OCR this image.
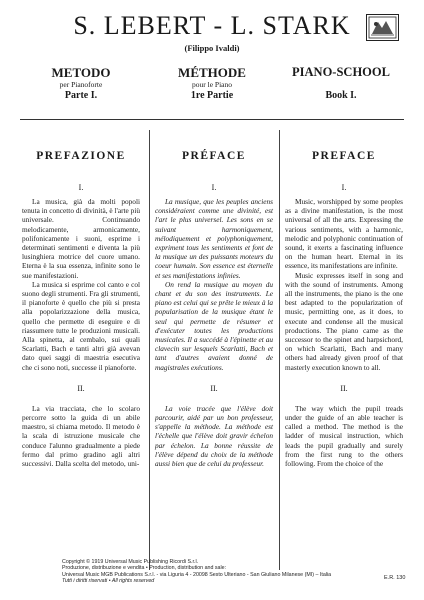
S. LEBERT - L. STARK
(Filippo Ivaldi)
METODO
per Pianoforte
Parte I.
MÉTHODE
pour le Piano
1re Partie
PIANO-SCHOOL
Book I.
PREFAZIONE
I.

La musica, già da molti popoli tenuta in concetto di divinità, è l'arte più universale. Continuando melodicamente, armonicamente, polifonicamente i suoni, esprime i determinati sentimenti e diventa la più lusinghiera motrice del cuore umano. Eterna è la sua essenza, infinite sono le sue manifestazioni.

La musica si esprime col canto e col suono degli strumenti. Fra gli strumenti, il pianoforte è quello che più si presta alla popolarizzazione della musica, quello che permette di eseguire e di riassumere tutte le produzioni musicali. Alla spinetta, al cembalo, sui quali Scarlatti, Bach e tanti altri già avevan dato quei saggi di maestria esecutiva che ci sono noti, successe il pianoforte.

II.

La via tracciata, che lo scolaro percorre sotto la guida di un abile maestro, si chiama metodo. Il metodo è la scala di istruzione musicale che conduce l'alunno gradualmente a piede fermo dal primo gradino agli altri successivi. Dalla scelta del metodo, uni-

PRÉFACE
I.

La musique, que les peuples anciens considéraient comme une divinité, est l'art le plus universel. Les sons en se suivant harmoniquement, mélodiquement et polyphoniquement, expriment tous les sentiments et font de la musique un des puissants moteurs du coeur humain. Son essence est éternelle et ses manifestations infinies.

On rend la musique au moyen du chant et du son des instruments. Le piano est celui qui se prête le mieux à la popularisation de la musique étant le seul qui permette de résumer et d'exécuter toutes les productions musicales. Il a succédé à l'épinette et au clavecin sur lesquels Scarlatti, Bach et tant d'autres avaient donné de magistrales exécutions.

II.

La voie tracée que l'élève doit parcourir, aidé par un bon professeur, s'appelle la méthode. La méthode est l'échelle que l'élève doit gravir échelon par échelon. La bonne réussite de l'élève dépend du choix de la méthode aussi bien que de celui du professeur.

PREFACE
I.

Music, worshipped by some peoples as a divine manifestation, is the most universal of all the arts. Expressing the various sentiments, with a harmonic, melodic and polyphonic continuation of sound, it exerts a fascinating influence on the human heart. Eternal in its essence, its manifestations are infinite.

Music expresses itself in song and with the sound of instruments. Among all the instruments, the piano is the one best adapted to the popularization of music, permitting one, as it does, to execute and condense all the musical productions. The piano came as the successor to the spinet and harpsichord, on which Scarlatti, Bach and many others had already given proof of that masterly execution known to all.

II.

The way which the pupil treads under the guide of an able teacher is called a method. The method is the ladder of musical instruction, which leads the pupil gradually and surely from the first rung to the others following. From the choice of the

Copyright © 1919 Universal Music Publishing Ricordi S.r.l.
Produzione, distribuzione e vendita • Production, distribution and sale:
Universal Music MGB Publications S.r.l. - via Liguria 4 - 20098 Sesto Ulteriano - San Giuliano Milanese (MI) – Italia
Tutti i diritti riservati • All rights reserved
E.R. 130
